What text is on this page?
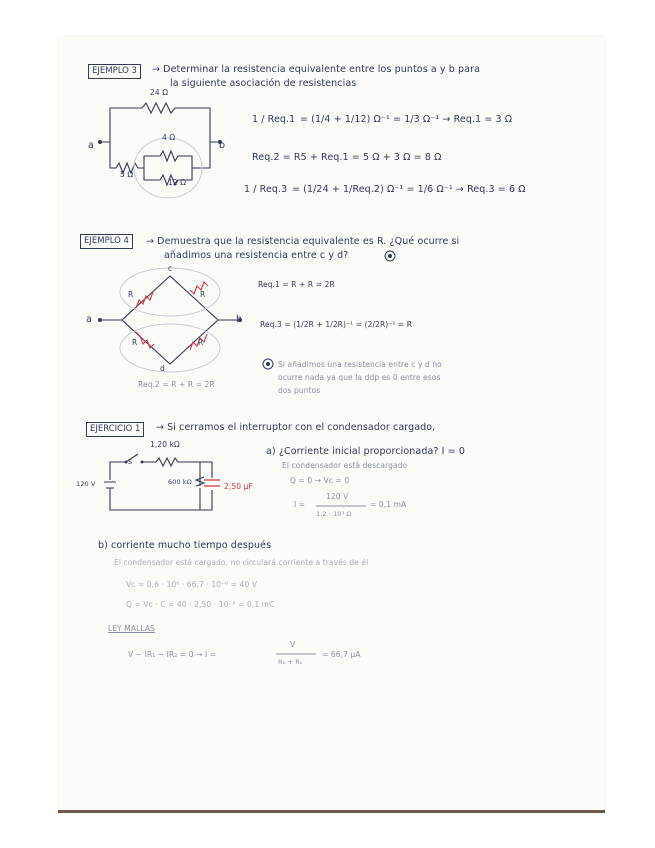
EJEMPLO 3	→ Determinar la resistencia equivalente entre los puntos a y b para
la siguiente asociación de resistencias
24 Ω
4 Ω
5 Ω
12 Ω
a	b
1 / Req.1 = (1/4 + 1/12) Ω⁻¹ = 1/3 Ω⁻¹ → Req.1 = 3 Ω
Req.2 = R5 + Req.1 = 5 Ω + 3 Ω = 8 Ω
1 / Req.3 = (1/24 + 1/Req.2) Ω⁻¹ = 1/6 Ω⁻¹ → Req.3 = 6 Ω
EJEMPLO 4	→ Demuestra que la resistencia equivalente es R. ¿Qué ocurre si
añadimos una resistencia entre c y d?
c
d
a	b
R	R
R	R
Req.1 = R + R = 2R
Req.3 = (1/2R + 1/2R)⁻¹ = (2/2R)⁻¹ = R
Si añadimos una resistencia entre c y d no
ocurre nada ya que la ddp es 0 entre esos
dos puntos
Req.2 = R + R = 2R
EJERCICIO 1	→ Si cerramos el interruptor con el condensador cargado,
1,20 kΩ
600 kΩ	2,50 μF
120 V
S
a) ¿Corriente inicial proporcionada? I = 0
El condensador está descargado
Q = 0 → Vc = 0
I =
120 V
1,2 · 10³ Ω
= 0,1 mA
b) corriente mucho tiempo después
El condensador está cargado, no circulará corriente a través de él
Vc = 0,6 · 10⁶ · 66,7 · 10⁻⁶ = 40 V
Q = Vc · C = 40 · 2,50 · 10⁻⁶ = 0,1 mC
LEY MALLAS
V − IR₁ − IR₂ = 0 → I =
V
R₁ + R₂
= 66,7 μA
